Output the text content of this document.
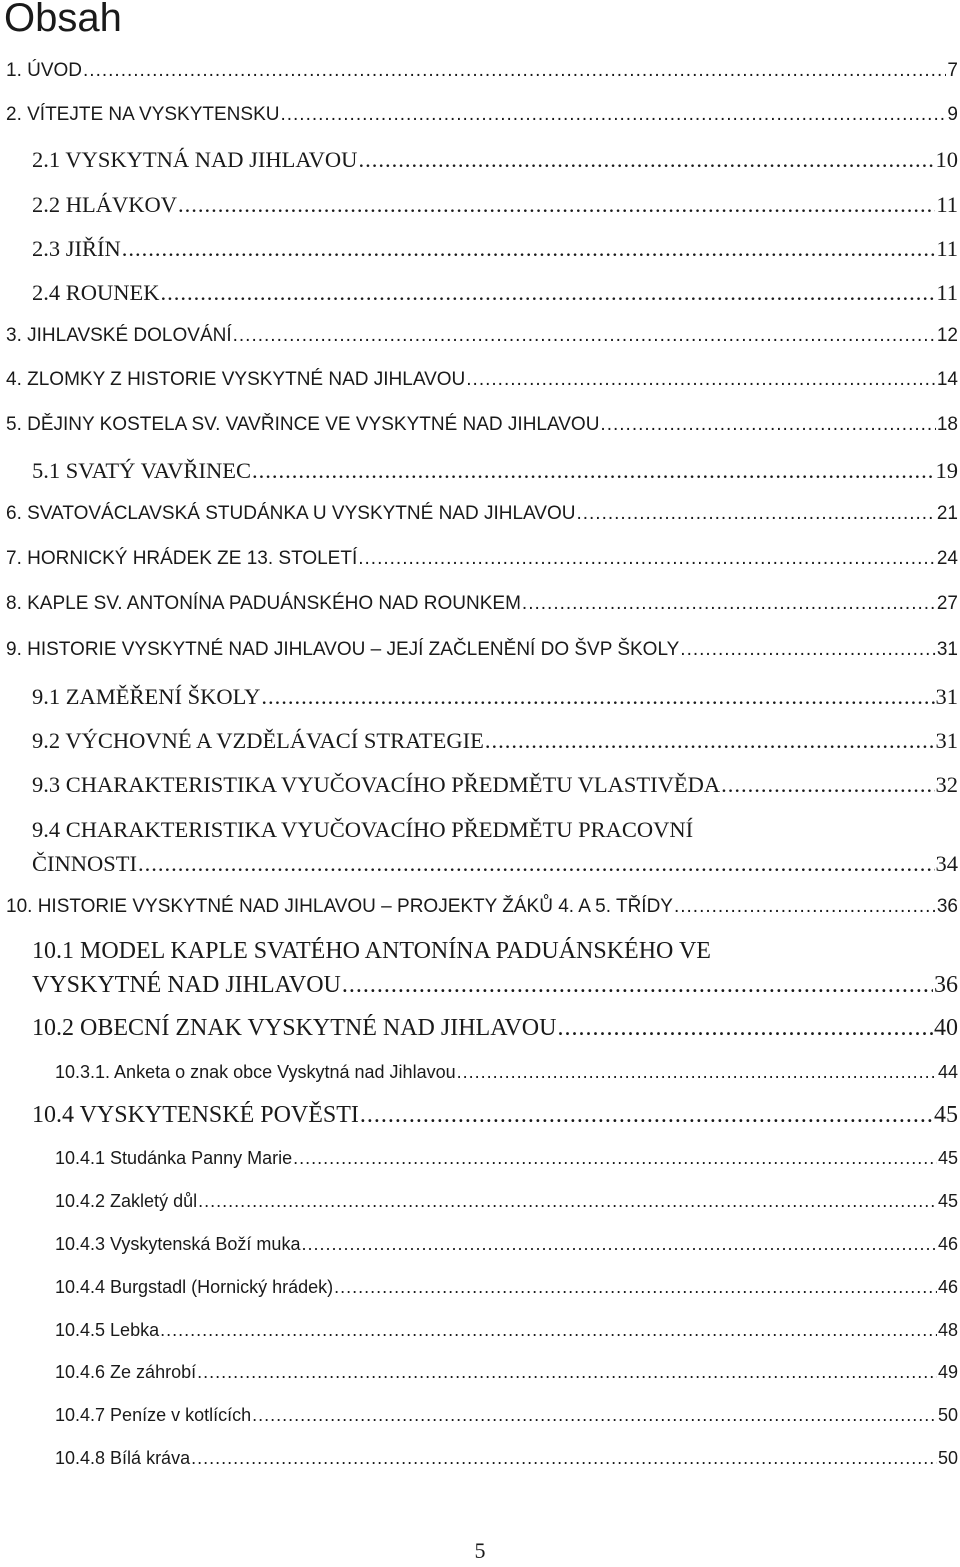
Obsah
1. ÚVOD .....	7
2. VÍTEJTE NA VYSKYTENSKU .....	9
2.1 VYSKYTNÁ NAD JIHLAVOU .....	10
2.2 HLÁVKOV .....	11
2.3 JIŘÍN .....	11
2.4 ROUNEK .....	11
3. JIHLAVSKÉ DOLOVÁNÍ .....	12
4. ZLOMKY Z HISTORIE VYSKYTNÉ NAD JIHLAVOU .....	14
5. DĚJINY KOSTELA SV. VAVŘINCE VE VYSKYTNÉ NAD JIHLAVOU .....	18
5.1 SVATÝ VAVŘINEC .....	19
6. SVATOVÁCLAVSKÁ STUDÁNKA U VYSKYTNÉ NAD JIHLAVOU .....	21
7. HORNICKÝ HRÁDEK ZE 13. STOLETÍ .....	24
8. KAPLE SV. ANTONÍNA PADUÁNSKÉHO NAD ROUNKEM .....	27
9. HISTORIE VYSKYTNÉ NAD JIHLAVOU – JEJÍ ZAČLENĚNÍ DO ŠVP ŠKOLY .....	31
9.1 ZAMĚŘENÍ ŠKOLY .....	31
9.2 VÝCHOVNÉ A VZDĚLÁVACÍ STRATEGIE .....	31
9.3 CHARAKTERISTIKA VYUČOVACÍHO PŘEDMĚTU VLASTIVĚDA .....	32
9.4 CHARAKTERISTIKA VYUČOVACÍHO PŘEDMĚTU PRACOVNÍ
ČINNOSTI .....	34
10. HISTORIE VYSKYTNÉ NAD JIHLAVOU – PROJEKTY ŽÁKŮ 4. A 5. TŘÍDY .....	36
10.1 MODEL KAPLE SVATÉHO ANTONÍNA PADUÁNSKÉHO VE
VYSKYTNÉ NAD JIHLAVOU .....	36
10.2 OBECNÍ ZNAK VYSKYTNÉ NAD JIHLAVOU .....	40
10.3.1. Anketa o znak obce Vyskytná nad Jihlavou .....	44
10.4 VYSKYTENSKÉ POVĚSTI .....	45
10.4.1 Studánka Panny Marie .....	45
10.4.2 Zakletý důl .....	45
10.4.3 Vyskytenská Boží muka .....	46
10.4.4 Burgstadl (Hornický hrádek) .....	46
10.4.5 Lebka .....	48
10.4.6 Ze záhrobí .....	49
10.4.7 Peníze v kotlících .....	50
10.4.8 Bílá kráva .....	50
5
